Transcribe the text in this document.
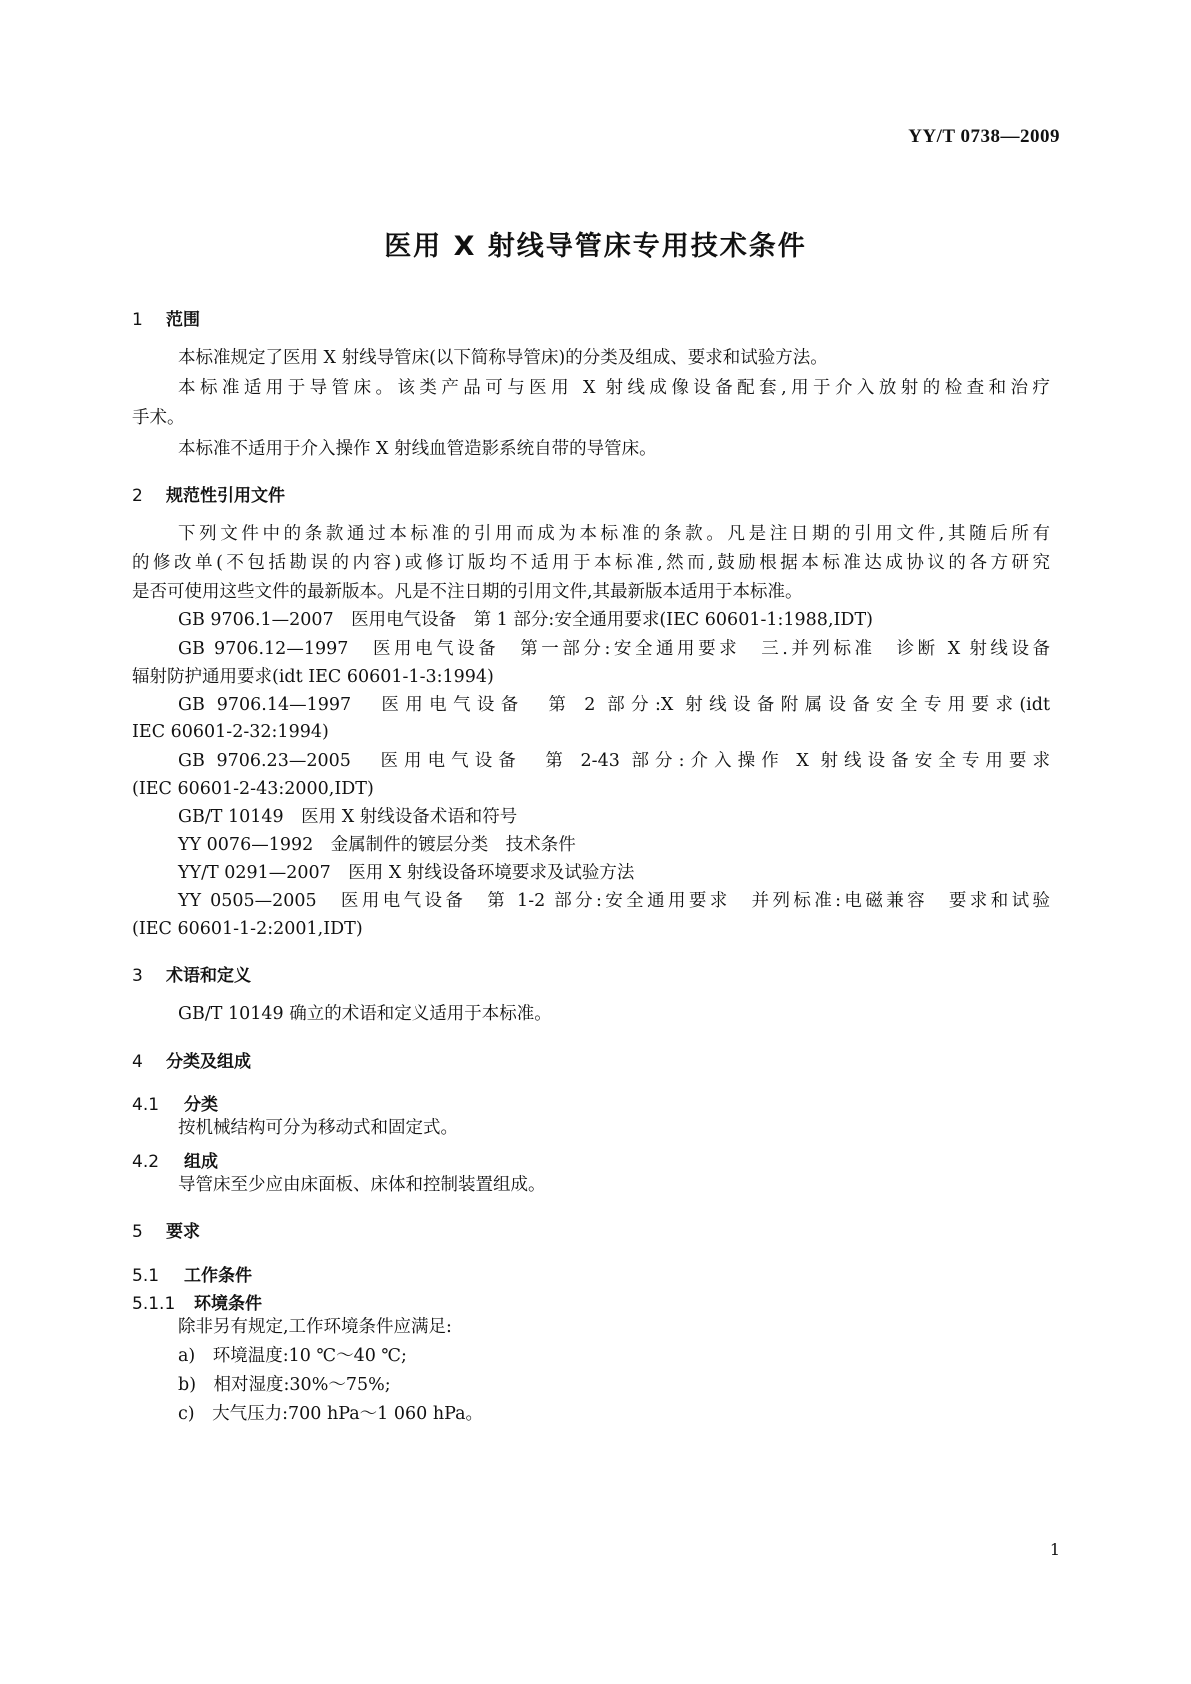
YY/T 0738—2009
医用 X 射线导管床专用技术条件
1 范围
本标准规定了医用 X 射线导管床(以下简称导管床)的分类及组成、要求和试验方法。
本标准适用于导管床。该类产品可与医用 X 射线成像设备配套,用于介入放射的检查和治疗
手术。
本标准不适用于介入操作 X 射线血管造影系统自带的导管床。
2 规范性引用文件
下列文件中的条款通过本标准的引用而成为本标准的条款。凡是注日期的引用文件,其随后所有
的修改单(不包括勘误的内容)或修订版均不适用于本标准,然而,鼓励根据本标准达成协议的各方研究
是否可使用这些文件的最新版本。凡是不注日期的引用文件,其最新版本适用于本标准。
GB 9706.1—2007　医用电气设备　第 1 部分:安全通用要求(IEC 60601-1:1988,IDT)
GB 9706.12—1997　医用电气设备　第一部分:安全通用要求　三.并列标准　诊断 X 射线设备
辐射防护通用要求(idt IEC 60601-1-3:1994)
GB 9706.14—1997　医用电气设备　第 2 部分:X 射线设备附属设备安全专用要求(idt
IEC 60601-2-32:1994)
GB 9706.23—2005　医用电气设备　第 2-43 部分:介入操作 X 射线设备安全专用要求
(IEC 60601-2-43:2000,IDT)
GB/T 10149　医用 X 射线设备术语和符号
YY 0076—1992　金属制件的镀层分类　技术条件
YY/T 0291—2007　医用 X 射线设备环境要求及试验方法
YY 0505—2005　医用电气设备　第 1-2 部分:安全通用要求　并列标准:电磁兼容　要求和试验
(IEC 60601-1-2:2001,IDT)
3 术语和定义
GB/T 10149 确立的术语和定义适用于本标准。
4 分类及组成
4.1 分类
按机械结构可分为移动式和固定式。
4.2 组成
导管床至少应由床面板、床体和控制装置组成。
5 要求
5.1 工作条件
5.1.1 环境条件
除非另有规定,工作环境条件应满足:
a)　环境温度:10 ℃～40 ℃;
b)　相对湿度:30%～75%;
c)　大气压力:700 hPa～1 060 hPa。
1
